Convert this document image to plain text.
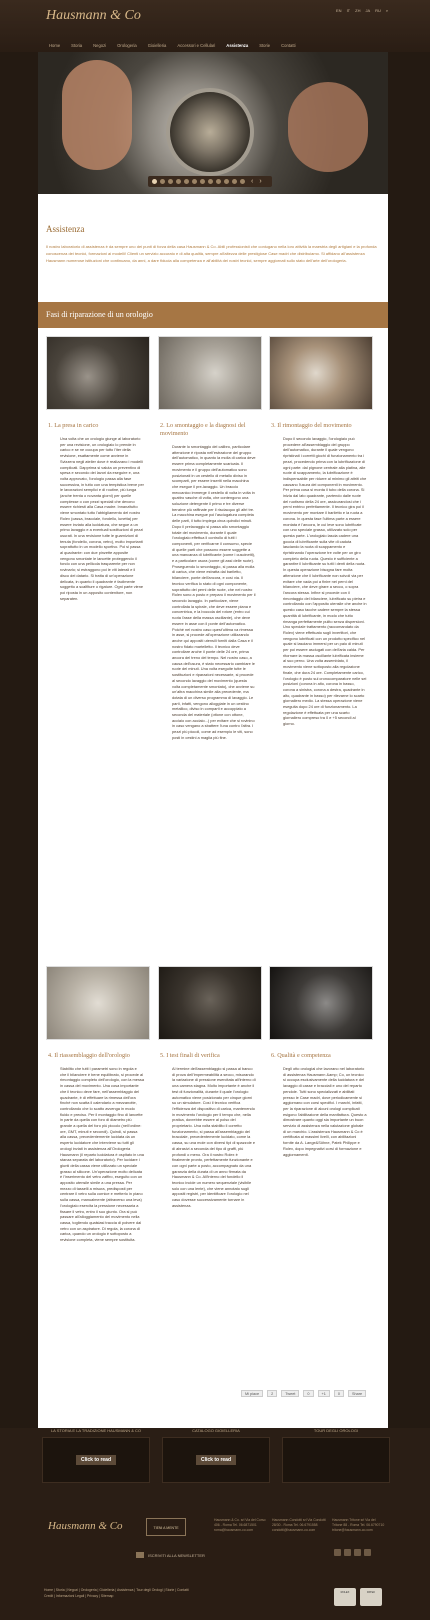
Hausmann & Co	EN IT ZH JA RU ⌕
Home	Storia	Negozi	Orologeria	Gioielleria	Accessori e Cellulari	Assistenza	Storie	Contatti
‹ ›
Assistenza
Il nostro laboratorio di assistenza è da sempre uno dei punti di forza della casa Hausmann & Co. Abili professionisti che coniugano nella loro attività la maestria degli artigiani e la profonda conoscenza dei tecnici, formazioni ai modelli! Clienti un servizio accurato e di alta qualità, sempre all'altezza delle prestigiose Case madri che distribuiamo. Si affidano all'assistenza Hausmann numerose istituzioni che continuano, da anni, a dare fiducia alla competenza e all'abilità dei nostri tecnici, sempre aggiornati sullo stato dell'arte dell'orologeria.
Fasi di riparazione di un orologio
1. La presa in carico
Una volta che un orologio giunge al laboratorio per una revisione, un orologiaio lo prende in carico e se ne occupa per tutto l'iter della revisione, esattamente come avviene in Svizzera negli atelier dove è realizzano i modelli complicati. Dapprima si valuta un preventivo di spesa e secondo dei lavori da eseguire e, una volta approvato, l'orologio passa alla fase successiva, in tutto con una tempistica breve per le lavorazioni semplici e di routine, più lunga (anche trenta o novanta giorni) per quelle complesse o con pezzi speciali che devono essere richiesti alla Casa madre. Innanzitutto viene smontato tutto l'abbigliamento del nostro Rolex (cassa, bracciale, fondello, lunetta) per essere inviato alla lucidatura, che segue a un primo lavaggio e a eventuali sostituzioni di pezzi usurati. In una revisione tutte le guarnizioni di tenuta (fondello, corona, vetro), molto importanti soprattutto in un modello sportivo. Poi si passa al quadrante: con due pinzette apposite vengono smontate le lancette proteggendo il fondo con una pellicola trasparente per non rovinarlo; si estraggono poi le viti laterali e il disco del datario. Si tratta di un'operazione delicata, in quanto il quadrante è facilmente soggetto a scalfiture o rigature. Ogni parte viene poi riposta in un apposito contenitore, non separaten.
2. Lo smontaggio e la diagnosi del movimento
Durante lo smontaggio del calibro, particolare attenzione è riposta nell'estrazione del gruppo dell'automatico, in quanto la molla di carica deve essere prima completamente scaricata. Il movimento e il gruppo dell'automatico sono posizionati in un cestello di metallo diviso in scomparti, per essere inseriti nella macchina che esegue il pre-lavaggio. Un braccio meccanico immerge il cestello di volta in volta in quattro vasche di volta, che contengono una soluzione detergente il primo e tre diverse benzine più raffinate per il risciacquo gli altri tre. La macchina esegue poi l'asciugatura completa delle parti, il tutto impiega circa quindici minuti. Dopo il prelavaggio si passa allo smontaggio totale del movimento, durante il quale l'orologiaio effettua il controllo di tutti i componenti, per verificarne il consumo, specie di quelle parti che possono essere soggette a una mancanza di lubrificante (come i cuscinetti), e a particolare usura (come gli assi delle ruote). Proseguendo lo smontaggio, si passa alla molla di carica, che viene estratta dal bariletto, bilanciere, ponte dell'ancora, e così via. Il tecnico verifica lo stato di ogni componente, soprattutto dei perni delle ruote, che nel nostro Rolex sono a posto e preparo il movimento per il secondo lavaggio. In particolare, viene controllata la spirale, che deve essere piana e concentrica, e la boccola del rotore (entro cui ruota l'asse della massa oscillante), che deve essere in asse con il ponte dell'automatico. Poiché nel nostro caso quest'ultima va rimessa in asse, si procede all'operazione utilizzando anche qui appositi utensili forniti dalla Casa e il nostro fidato martelletto. Il tecnico deve controllare anche il ponte delle 24 ore, prima ancora del treno del tempo. Nel nostro caso, a causa dell'usura, è stato necessario cambiare le ruote del minuti. Una volta eseguite tutte le sostituzioni e riparazioni necessarie, si procede al secondo lavaggio del movimento (questa volta completamente smontato), che avviene su un'altra macchina simile alla precedente, ma dotata di un diverso programma di lavaggio. Le parti, infatti, vengono alloggiate in un cestino metallico, diviso in comparti e accoppiato a seconda del materiale (ottone con ottone, acciaio con acciaio...) per evitare che si rovinino in caso vengano a sbattere l'una contro l'altra. I pezzi più piccoli, come ad esempio le viti, sono posti in cestini a maglia più fine.
3. Il rimontaggio del movimento
Dopo il secondo lavaggio, l'orologiaio può procedere all'assemblaggio del gruppo dell'automatico, durante il quale vengono ripristinati i corretti giochi di funzionamento tra i pezzi, procedendo prima con la lubrificazione di ogni parte: dal pignone centrale alla platina, alle ruote di scappamento, la lubrificazione è indispensabile per ridurre al minimo gli attriti che causano l'usura dei componenti in movimento. Per prima cosa si monta il tubo della corona. Si inizia dal lato quadrante, partendo dalle ruote del ruotismo della 24 ore, assicurandosi che i perni entrino perfettamente. Il tecnico gira poi il movimento per montare il bariletto e la ruota a corona. In questa fase l'ultima parte a essere montata è l'ancora, le cui leve sono lubrificate con uno speciale grasso, utilizzato solo per questa parte. L'orologiaio lascia cadere una goccia di lubrificante sulla vite di caduta lasciando la ruota di scappamento e ripristinando l'operazione tre volte per un giro completo della ruota. Questo è sufficiente a garantire il lubrificante su tutti i denti della ruota. In questa operazione bisogna fare molta attenzione che il lubrificante non scivoli via per evitare che vada poi a finire nei perni del bilanciere, che deve girare a secco, o sopra l'ancora stessa. Infine si procede con il rimontaggio del bilanciere, lubrificato su pietra e controllando con l'apposito utensile che anche in questo caso tacche cadere sempre la stessa quantità di lubrificante, in modo che tutto rimanga perfettamente pulito senza dispersioni. Uno speciale trattamento (raccomandato da Rolex) viene effettuato sugli invertitori, che vengono lubrificati con un prodotto specifico nel quale si lasciano immersi per un paio di minuti per poi essere asciugati con dell'aria calda. Per ritornare la massa oscillante lubrificata insieme al suo perno. Una volta assemblato, il movimento viene sottoposto alla regolazione finale, che dura 24 ore. Completamente carico, l'orologio è posto sul cronocomparatore nelle sei posizioni (corona in alto, corona in basso, corona a sinistra, corona a destra, quadrante in alto, quadrante in basso) per rilevarne lo scarto giornaliero medio. La stessa operazione viene eseguita dopo 24 ore di funzionamento. La regolazione è effettuata per una scarto giornaliero compreso tra 0 e +5 secondi al giorno.
4. Il riassemblaggio dell'orologio
Stabilito che tutti i parametri sono in regola e che il bilanciere è bene equilibrato, si procede al rimontaggio completo dell'orologio, con la messa in cassa del movimento. Una cosa importante che il tecnico deve fare, nell'assemblaggio del quadrante, è di effettuare la rimessa dell'ora finché non scatta il calendario a mezzanotte, controllando che lo scatto avvenga in modo fluido e preciso. Per il montaggio fino di lancette in parte da quella con foro di diametro più grande a quella del foro più piccolo (nell'ordine: ore, GMT, minuti e secondi). Quindi, si passa alla cassa, precedentemente lucidata da un esperto lucidatore che interviene su tutti gli orologi inviati in assistenza all'Orologeria Hausmann (il reparto lucidatura è ospitato in una stanza separata del laboratorio). Per lucidare i giunti della cassa viene utilizzato un speciale grasso al silicone. Un'operazione molto delicata è l'inserimento del vetro zaffiro, eseguito con un apposito utensile simile a una pressa. Per mezzo di tasselli a misura, predisposti per centrare il vetro sulla cornice e metterlo in piano sulla cassa, manualmente (attraverso una leva) l'orologiaio esercita la pressione necessaria a fissare il vetro, entro il suo giunto. Ora si può passare all'alloggiamento del movimento nella cassa, togliendo qualsiasi traccia di polvere dal vetro con un aspiratore. Di regola, la corona di carica, quando un orologio è sottoposto a revisione completa, viene sempre sostituita.
5. I test finali di verifica
Al termine dell'assemblaggio si passa al banco di prova dell'impermeabilità a secco, misurando la variazione di pressione esercitata all'interno di una camera stagna. Molto importante è anche il test di funzionalità, durante il quale l'orologio automatico viene posizionato per cinque giorni su un simulatore. Così il tecnico verifica l'efficienza del dispositivo di carica, mantenendo in movimento l'orologio per il tempo che, nella pratica, dovrebbe essere al polso del proprietario. Una volta stabilito il corretto funzionamento, si passa all'assemblaggio del bracciale, precedentemente lucidato, come la cassa, su una mole con diversi tipi di spazzole e di abrasivi a seconda del tipo di graffi, più profondi o meno. Ora il nostro Rolex è finalmente pronto, perfettamente funzionante e con ogni parte a posto, accompagnato da una garanzia della durata di un anno firmata da Hausmann & Co. All'interno del fondello il tecnico incide un numero sequenziale (visibile solo con una lente), che viene annotato sugli appositi registri, per identificare l'orologio nel caso dovesse successivamente tornare in assistenza.
6. Qualità e competenza
Degli otto orologiai che lavorano nel laboratorio di assistenza Hausmann &amp; Co, un tecnico si occupa esclusivamente della lucidatura e del lavaggio di casse e bracciali e uno del reparto pendole. Tutti sono specializzati e abilitati presso le Case madri, dove periodicamente si aggiornano con corsi specifici. I marchi, infatti, per la riparazione di alcuni orologi complicati esigono l'abilitazione della manifattura. Questo a dimostrare quanto oggi sia importante un buon servizio di assistenza nella valutazione globale di un marchio. L'assistenza Hausmann & Co è certificata ai massimi livelli, con abilitazioni fornite da A. Lange&Söhne, Patek Philippe e Rolex, dopo impegnativi corsi di formazione e aggiornamenti.
Mi piace	2	Tweet	0	+1	0	Share
LA STORIA E LA TRADIZIONE HAUSMANN & CO
Click to read
CATALOGO GIOIELLERIA
Click to read
TOUR DEGLI OROLOGI
Hausmann & Co	TIENI A MENTE
Hausmann & Co. srl Via del Corso 406 - Roma Tel. 06.6871501 roma@hausmann-co.com
Hausmann Condotti srl Via Condotti 28/30 - Roma Tel. 06.6791558 condotti@hausmann-co.com
Hausmann Tritone srl Via del Tritone 88 - Roma Tel. 06.6790710 tritone@hausmann-co.com
ISCRIVITI ALLA NEWSLETTER
Home | Storia | Negozi | Orologeria | Gioielleria | Assistenza | Tour degli Orologi | Storie | Contatti
Credit | Informazioni Legali | Privacy | Sitemap
ROLEX	PATEK
